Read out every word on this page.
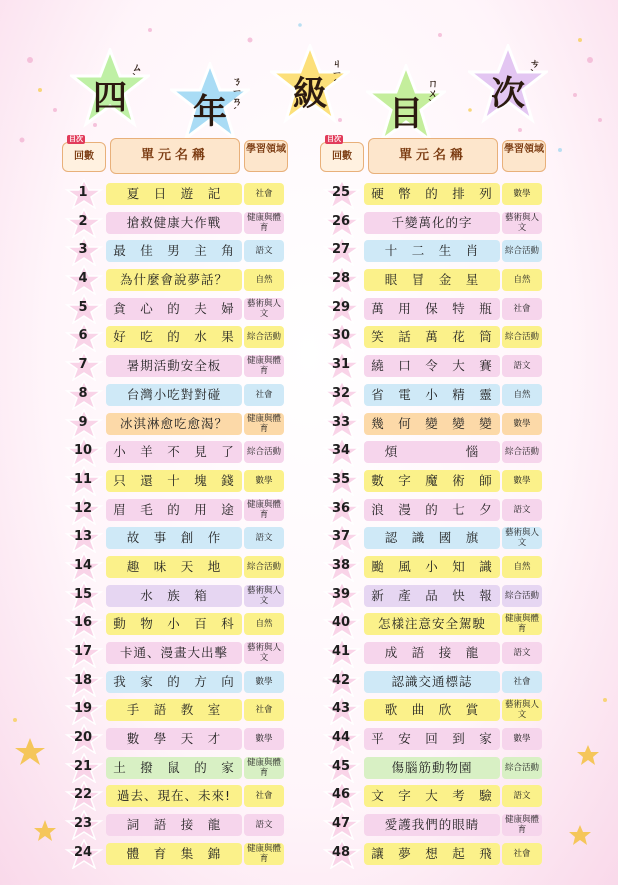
四
ㄙˋ
年
ㄋㄧㄢˊ	級
ㄐㄧˊ
目
ㄇㄨˋ	次
ㄘˋ
目次
回數	單元名稱	學習領域
1	夏　日　遊　記	社會
2	搶救健康大作戰	健康與體育
3	最　佳　男　主　角	語文
4	為什麼會說夢話？	自然
5	貪　心　的　夫　婦	藝術與人文
6	好　吃　的　水　果	綜合活動
7	暑期活動安全板	健康與體育
8	台灣小吃對對碰	社會
9	冰淇淋愈吃愈渴？	健康與體育
10	小　羊　不　見　了	綜合活動
11	只　還　十　塊　錢	數學
12	眉　毛　的　用　途	健康與體育
13	故　事　創　作	語文
14	趣　味　天　地	綜合活動
15	水　族　箱	藝術與人文
16	動　物　小　百　科	自然
17	卡通、漫畫大出擊	藝術與人文
18	我　家　的　方　向	數學
19	手　語　教　室	社會
20	數　學　天　才	數學
21	土　撥　鼠　的　家	健康與體育
22	過去、現在、未來!	社會
23	詞　語　接　龍	語文
24	體　育　集　錦	健康與體育
目次
回數	單元名稱	學習領域
25	硬　幣　的　排　列	數學
26	千變萬化的字	藝術與人文
27	十　二　生　肖	綜合活動
28	眼　冒　金　星	自然
29	萬　用　保　特　瓶	社會
30	笑　話　萬　花　筒	綜合活動
31	繞　口　令　大　賽	語文
32	省　電　小　精　靈	自然
33	幾　何　變　變　變	數學
34	煩　　　　　惱	綜合活動
35	數　字　魔　術　師	數學
36	浪　漫　的　七　夕	語文
37	認　識　國　旗	藝術與人文
38	颱　風　小　知　識	自然
39	新　產　品　快　報	綜合活動
40	怎樣注意安全駕駛	健康與體育
41	成　語　接　龍	語文
42	認識交通標誌	社會
43	歌　曲　欣　賞	藝術與人文
44	平　安　回　到　家	數學
45	傷腦筋動物園	綜合活動
46	文　字　大　考　驗	語文
47	愛護我們的眼睛	健康與體育
48	讓　夢　想　起　飛	社會
